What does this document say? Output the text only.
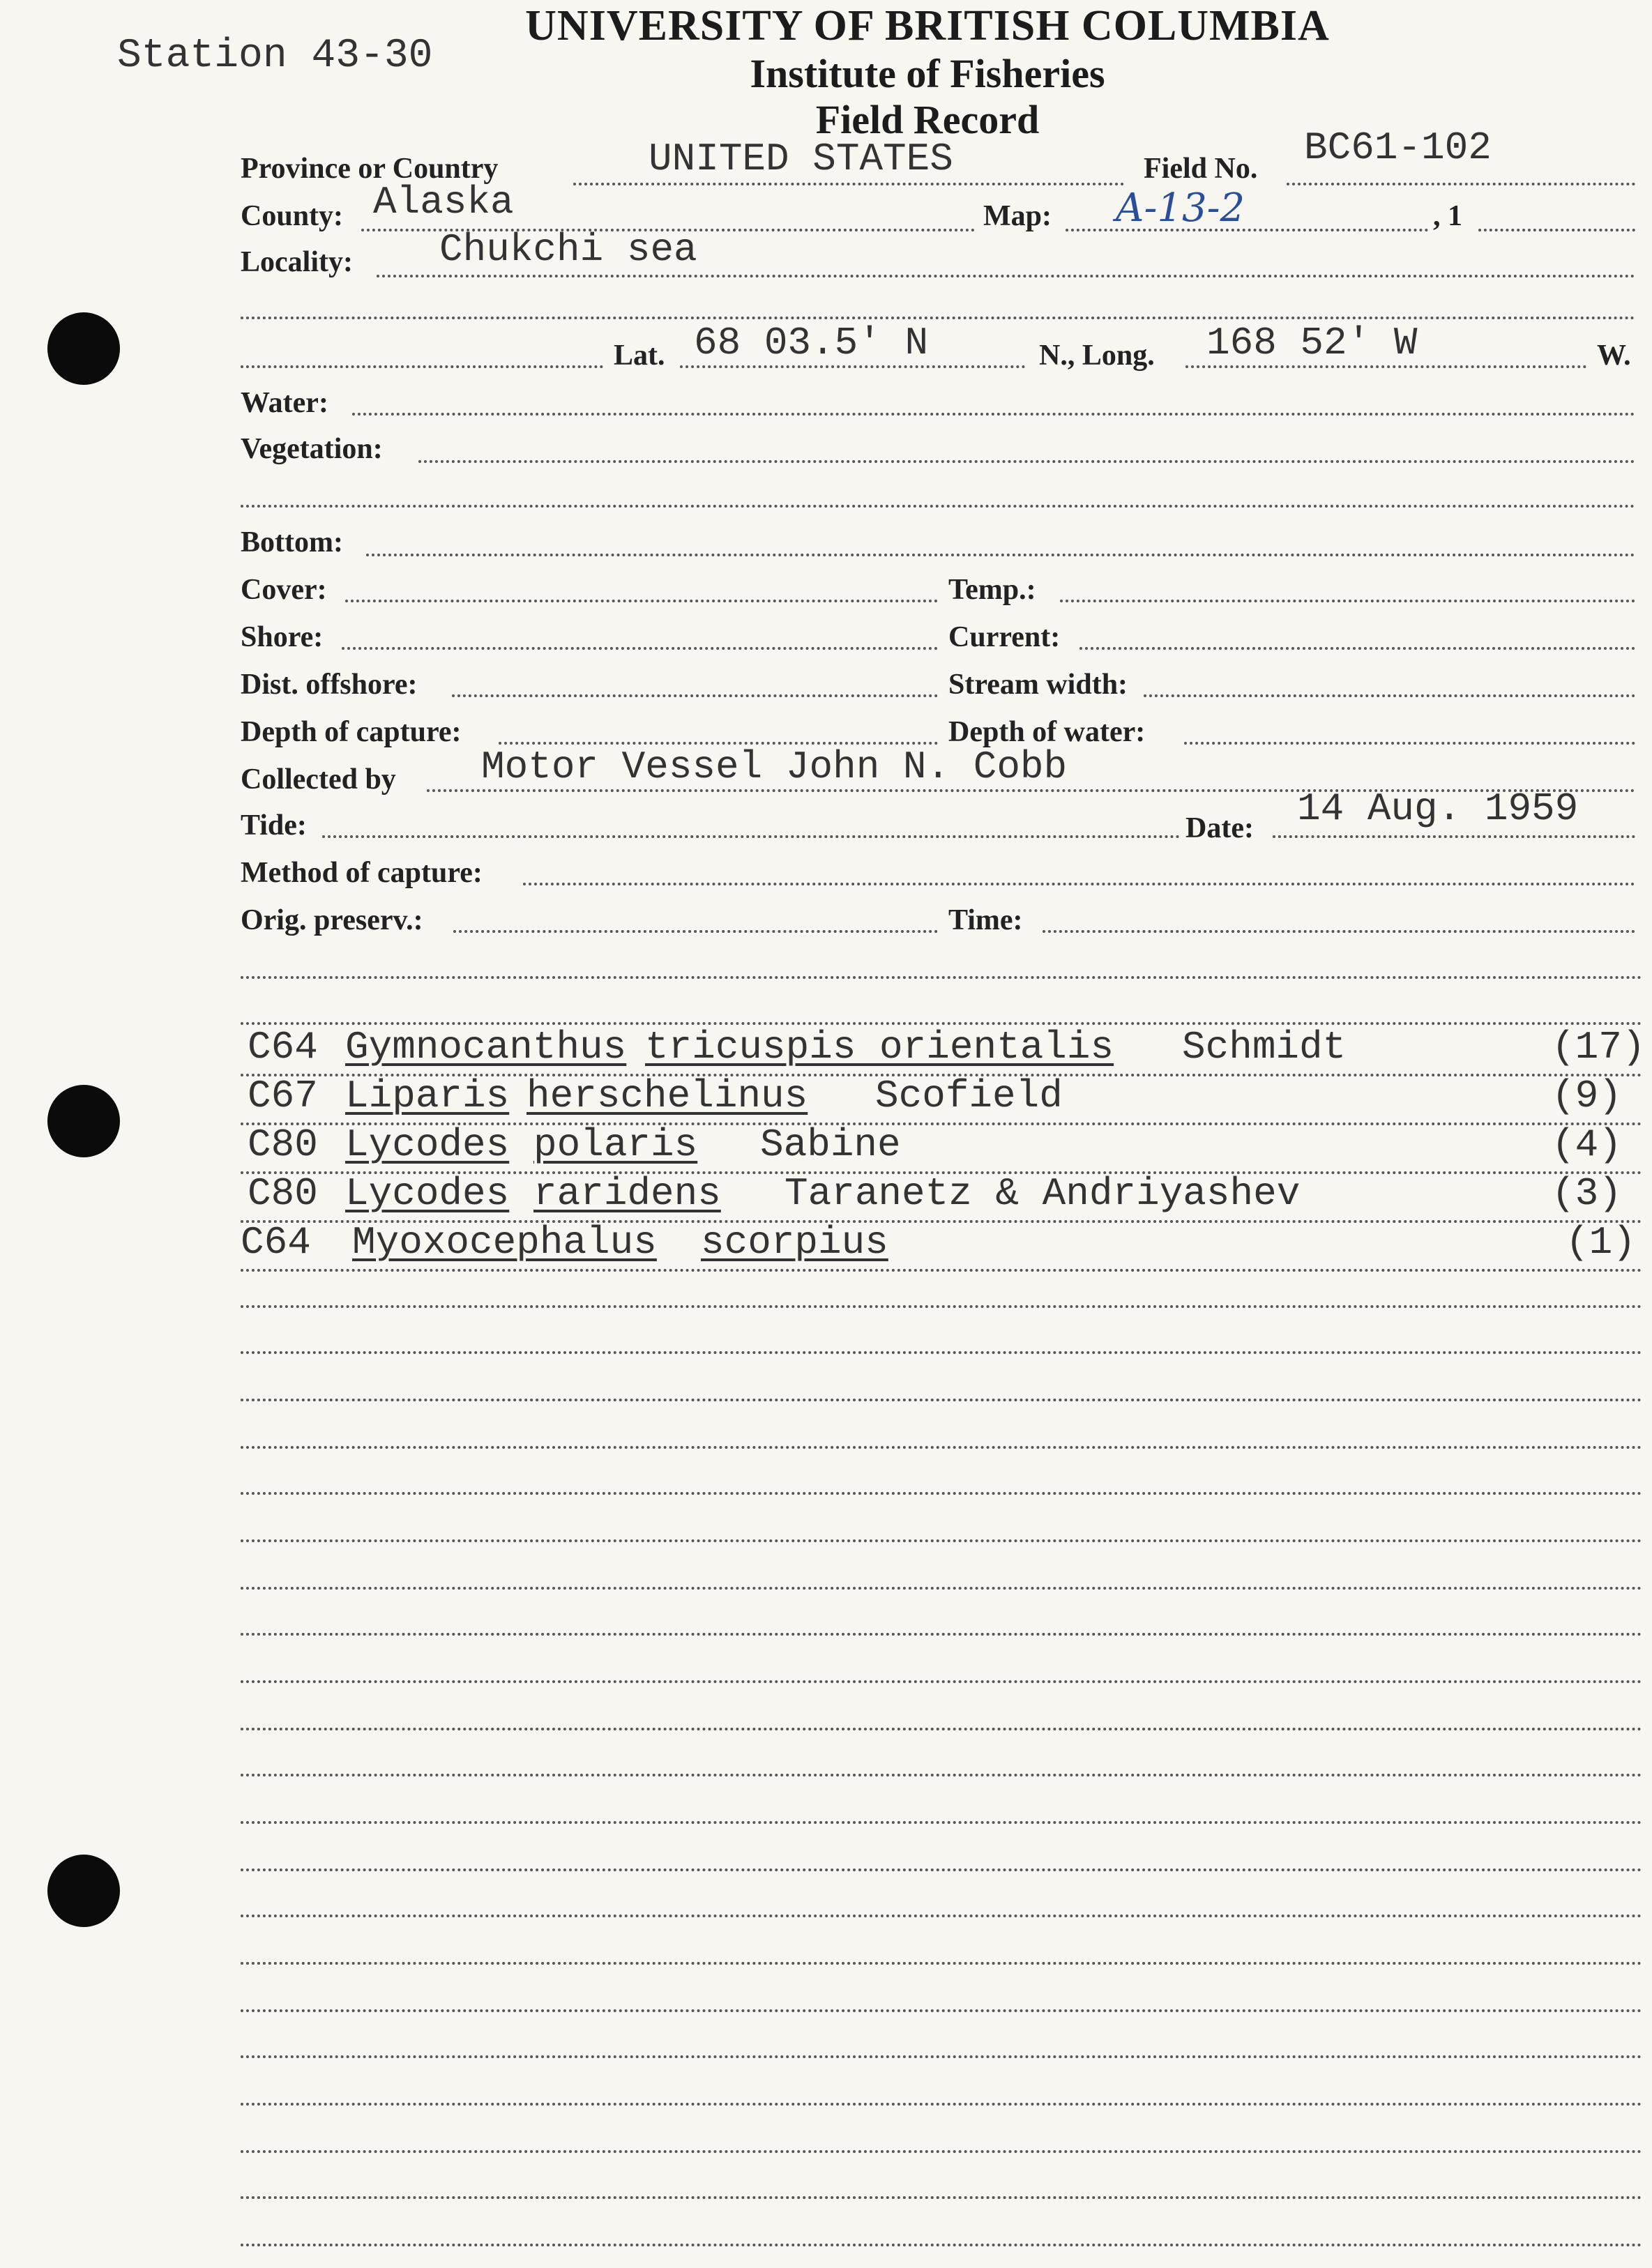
Station 43-30
UNIVERSITY OF BRITISH COLUMBIA
Institute of Fisheries
Field Record
Province or Country	UNITED STATES	Field No. BC61-102
County: Alaska	Map: A-13-2	, 1
Locality: Chukchi sea
Lat. 68 03.5' N	N., Long. 168 52' W	W.
Water:
Vegetation:
Bottom:
Cover:	Temp.:
Shore:	Current:
Dist. offshore:	Stream width:
Depth of capture:	Depth of water:
Collected by Motor Vessel John N. Cobb
Tide:	Date: 14 Aug. 1959
Method of capture:
Orig. preserv.:	Time:
C64 Gymnocanthus tricuspis orientalis Schmidt	(17)
C67 Liparis herschelinus Scofield	(9)
C80 Lycodes polaris Sabine	(4)
C80 Lycodes raridens Taranetz & Andriyashev	(3)
C64 Myoxocephalus scorpius	(1)
